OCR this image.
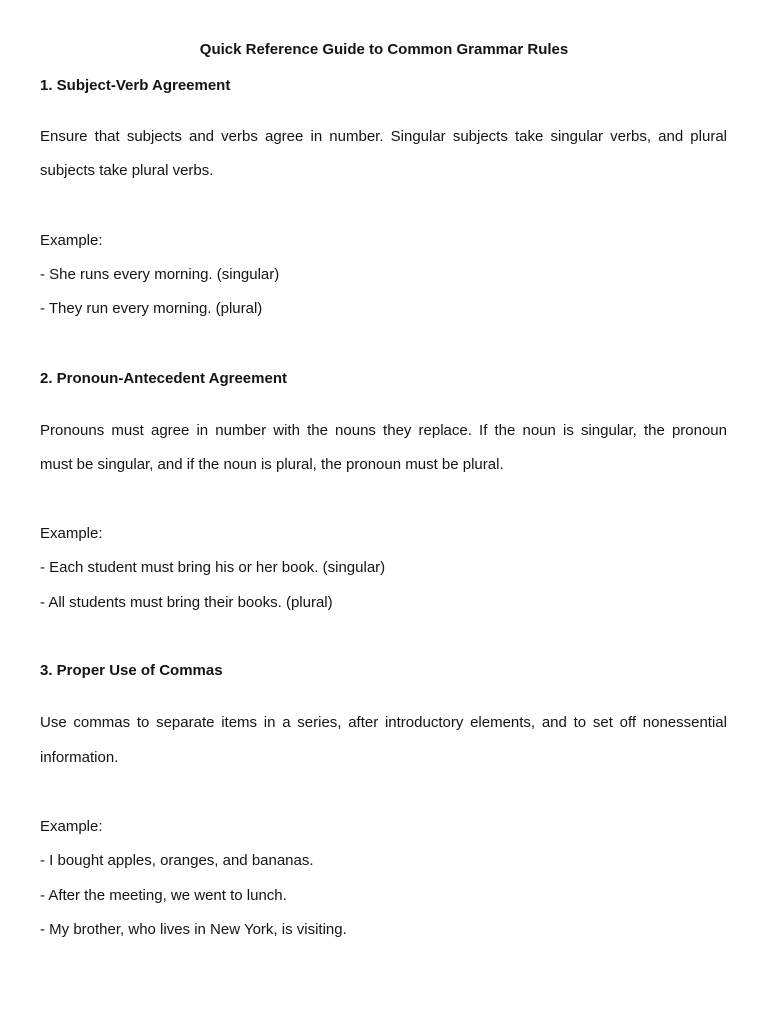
Quick Reference Guide to Common Grammar Rules
1. Subject-Verb Agreement
Ensure that subjects and verbs agree in number. Singular subjects take singular verbs, and plural
subjects take plural verbs.
Example:
- She runs every morning. (singular)
- They run every morning. (plural)
2. Pronoun-Antecedent Agreement
Pronouns must agree in number with the nouns they replace. If the noun is singular, the pronoun
must be singular, and if the noun is plural, the pronoun must be plural.
Example:
- Each student must bring his or her book. (singular)
- All students must bring their books. (plural)
3. Proper Use of Commas
Use commas to separate items in a series, after introductory elements, and to set off nonessential
information.
Example:
- I bought apples, oranges, and bananas.
- After the meeting, we went to lunch.
- My brother, who lives in New York, is visiting.
